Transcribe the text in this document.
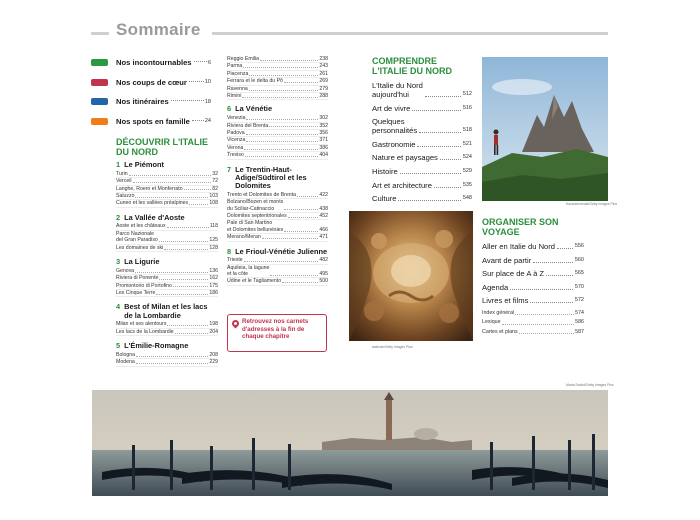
Sommaire
Nos incontournables	6
Nos coups de cœur	10
Nos itinéraires	18
Nos spots en famille	24
DÉCOUVRIR L'ITALIE DU NORD
1 Le Piémont
Turin	32
Verceil	72
Langhe, Roero et Monferrato	82
Saluzzo	103
Cuneo et les vallées préalpines	108
2 La Vallée d'Aoste
Aoste et les châteaux	118
Parco Nazionale
del Gran Paradiso	125
Les domaines de ski	128
3 La Ligurie
Genova	136
Riviera di Ponente	162
Promontorio di Portofino	175
Les Cinque Terre	186
4 Best of Milan et les lacs de la Lombardie
Milan et ses alentours	198
Les lacs de la Lombardie	204
5 L'Émilie-Romagne
Bologna	208
Modena	229
Reggio Emilia	238
Parma	243
Piacenza	261
Ferrara et le delta du Pô	269
Ravenna	279
Rimini	288
6 La Vénétie
Venezia	302
Riviera del Brenta	352
Padova	356
Vicenza	371
Verona	386
Treviso	404
7 Le Trentin-Haut-Adige/Südtirol et les Dolomites
Trento et Dolomites de Brenta	422
Bolzano/Bozen et monts
du Sciliar-Catinaccio	438
Dolomites septentrionales	452
Pale di San Martino
et Dolomites bellunésies	466
Merano/Meran	471
8 Le Frioul-Vénétie Julienne
Trieste	482
Aquileia, la lagune
et la côte	495
Udine et le Tagliamento	500
Retrouvez nos carnets d'adresses à la fin de chaque chapitre
COMPRENDRE L'ITALIE DU NORD
L'Italie du Nord
aujourd'hui	512
Art de vivre	516
Quelques
personnalités	518
Gastronomie	521
Nature et paysages	524
Histoire	529
Art et architecture	535
Culture	548
tacitude/Getty Images Plus
Kazanchmedia/Getty Images Plus
ORGANISER SON VOYAGE
Aller en Italie du Nord	556
Avant de partir	560
Sur place de A à Z	565
Agenda	570
Livres et films	572
Index général	574
Lexique	586
Cartes et plans	587
Maria Swärd/Getty Images Plus
